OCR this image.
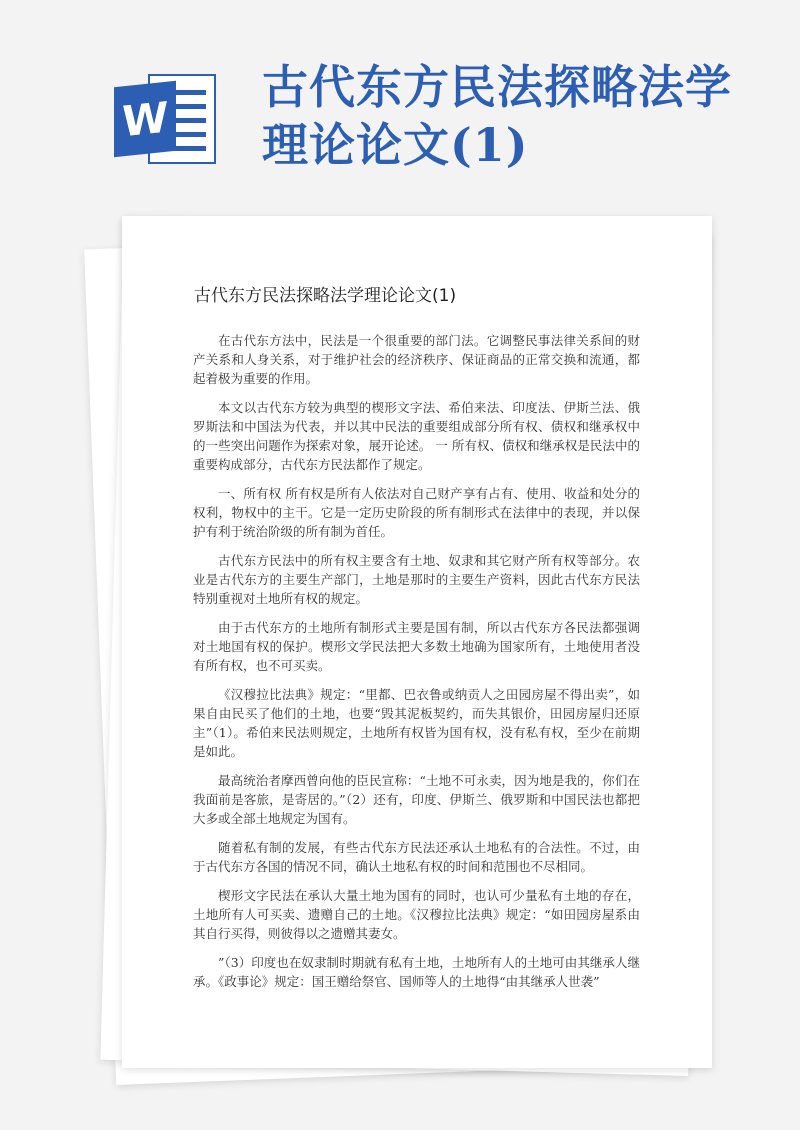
W
古代东方民法探略法学理论论文(1)
古代东方民法探略法学理论论文(1)

在古代东方法中，民法是一个很重要的部门法。它调整民事法律关系间的财产关系和人身关系，对于维护社会的经济秩序、保证商品的正常交换和流通，都起着极为重要的作用。

本文以古代东方较为典型的楔形文字法、希伯来法、印度法、伊斯兰法、俄罗斯法和中国法为代表，并以其中民法的重要组成部分所有权、债权和继承权中的一些突出问题作为探索对象，展开论述。 一 所有权、债权和继承权是民法中的重要构成部分，古代东方民法都作了规定。

一、所有权 所有权是所有人依法对自己财产享有占有、使用、收益和处分的权利，物权中的主干。它是一定历史阶段的所有制形式在法律中的表现，并以保护有利于统治阶级的所有制为首任。

古代东方民法中的所有权主要含有土地、奴隶和其它财产所有权等部分。农业是古代东方的主要生产部门，土地是那时的主要生产资料，因此古代东方民法特别重视对土地所有权的规定。

由于古代东方的土地所有制形式主要是国有制，所以古代东方各民法都强调对土地国有权的保护。楔形文学民法把大多数土地确为国家所有，土地使用者没有所有权，也不可买卖。

《汉穆拉比法典》规定：“里都、巴衣鲁或纳贡人之田园房屋不得出卖”，如果自由民买了他们的土地，也要“毁其泥板契约，而失其银价，田园房屋归还原主”（1）。希伯来民法则规定，土地所有权皆为国有权，没有私有权，至少在前期是如此。

最高统治者摩西曾向他的臣民宣称：“土地不可永卖，因为地是我的，你们在我面前是客旅，是寄居的。”（2）还有，印度、伊斯兰、俄罗斯和中国民法也都把大多或全部土地规定为国有。

随着私有制的发展，有些古代东方民法还承认土地私有的合法性。不过，由于古代东方各国的情况不同，确认土地私有权的时间和范围也不尽相同。

楔形文字民法在承认大量土地为国有的同时，也认可少量私有土地的存在，土地所有人可买卖、遗赠自己的土地。《汉穆拉比法典》规定：“如田园房屋系由其自行买得，则彼得以之遗赠其妻女。

”（3）印度也在奴隶制时期就有私有土地，土地所有人的土地可由其继承人继承。《政事论》规定：国王赠给祭官、国师等人的土地得“由其继承人世袭”
